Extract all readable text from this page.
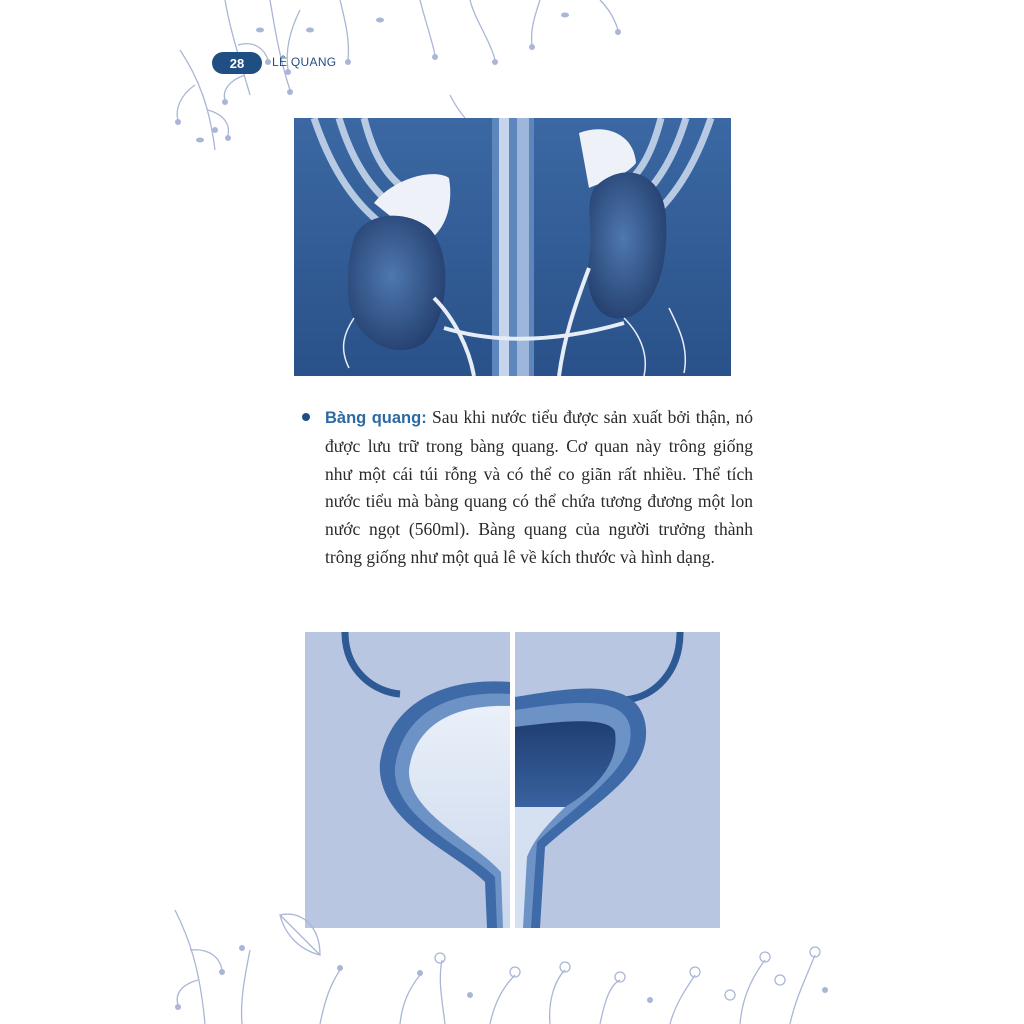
28 LÊ QUANG
Bàng quang: Sau khi nước tiểu được sản xuất bởi thận, nó được lưu trữ trong bàng quang. Cơ quan này trông giống như một cái túi rỗng và có thể co giãn rất nhiều. Thể tích nước tiểu mà bàng quang có thể chứa tương đương một lon nước ngọt (560ml). Bàng quang của người trưởng thành trông giống như một quả lê về kích thước và hình dạng.
